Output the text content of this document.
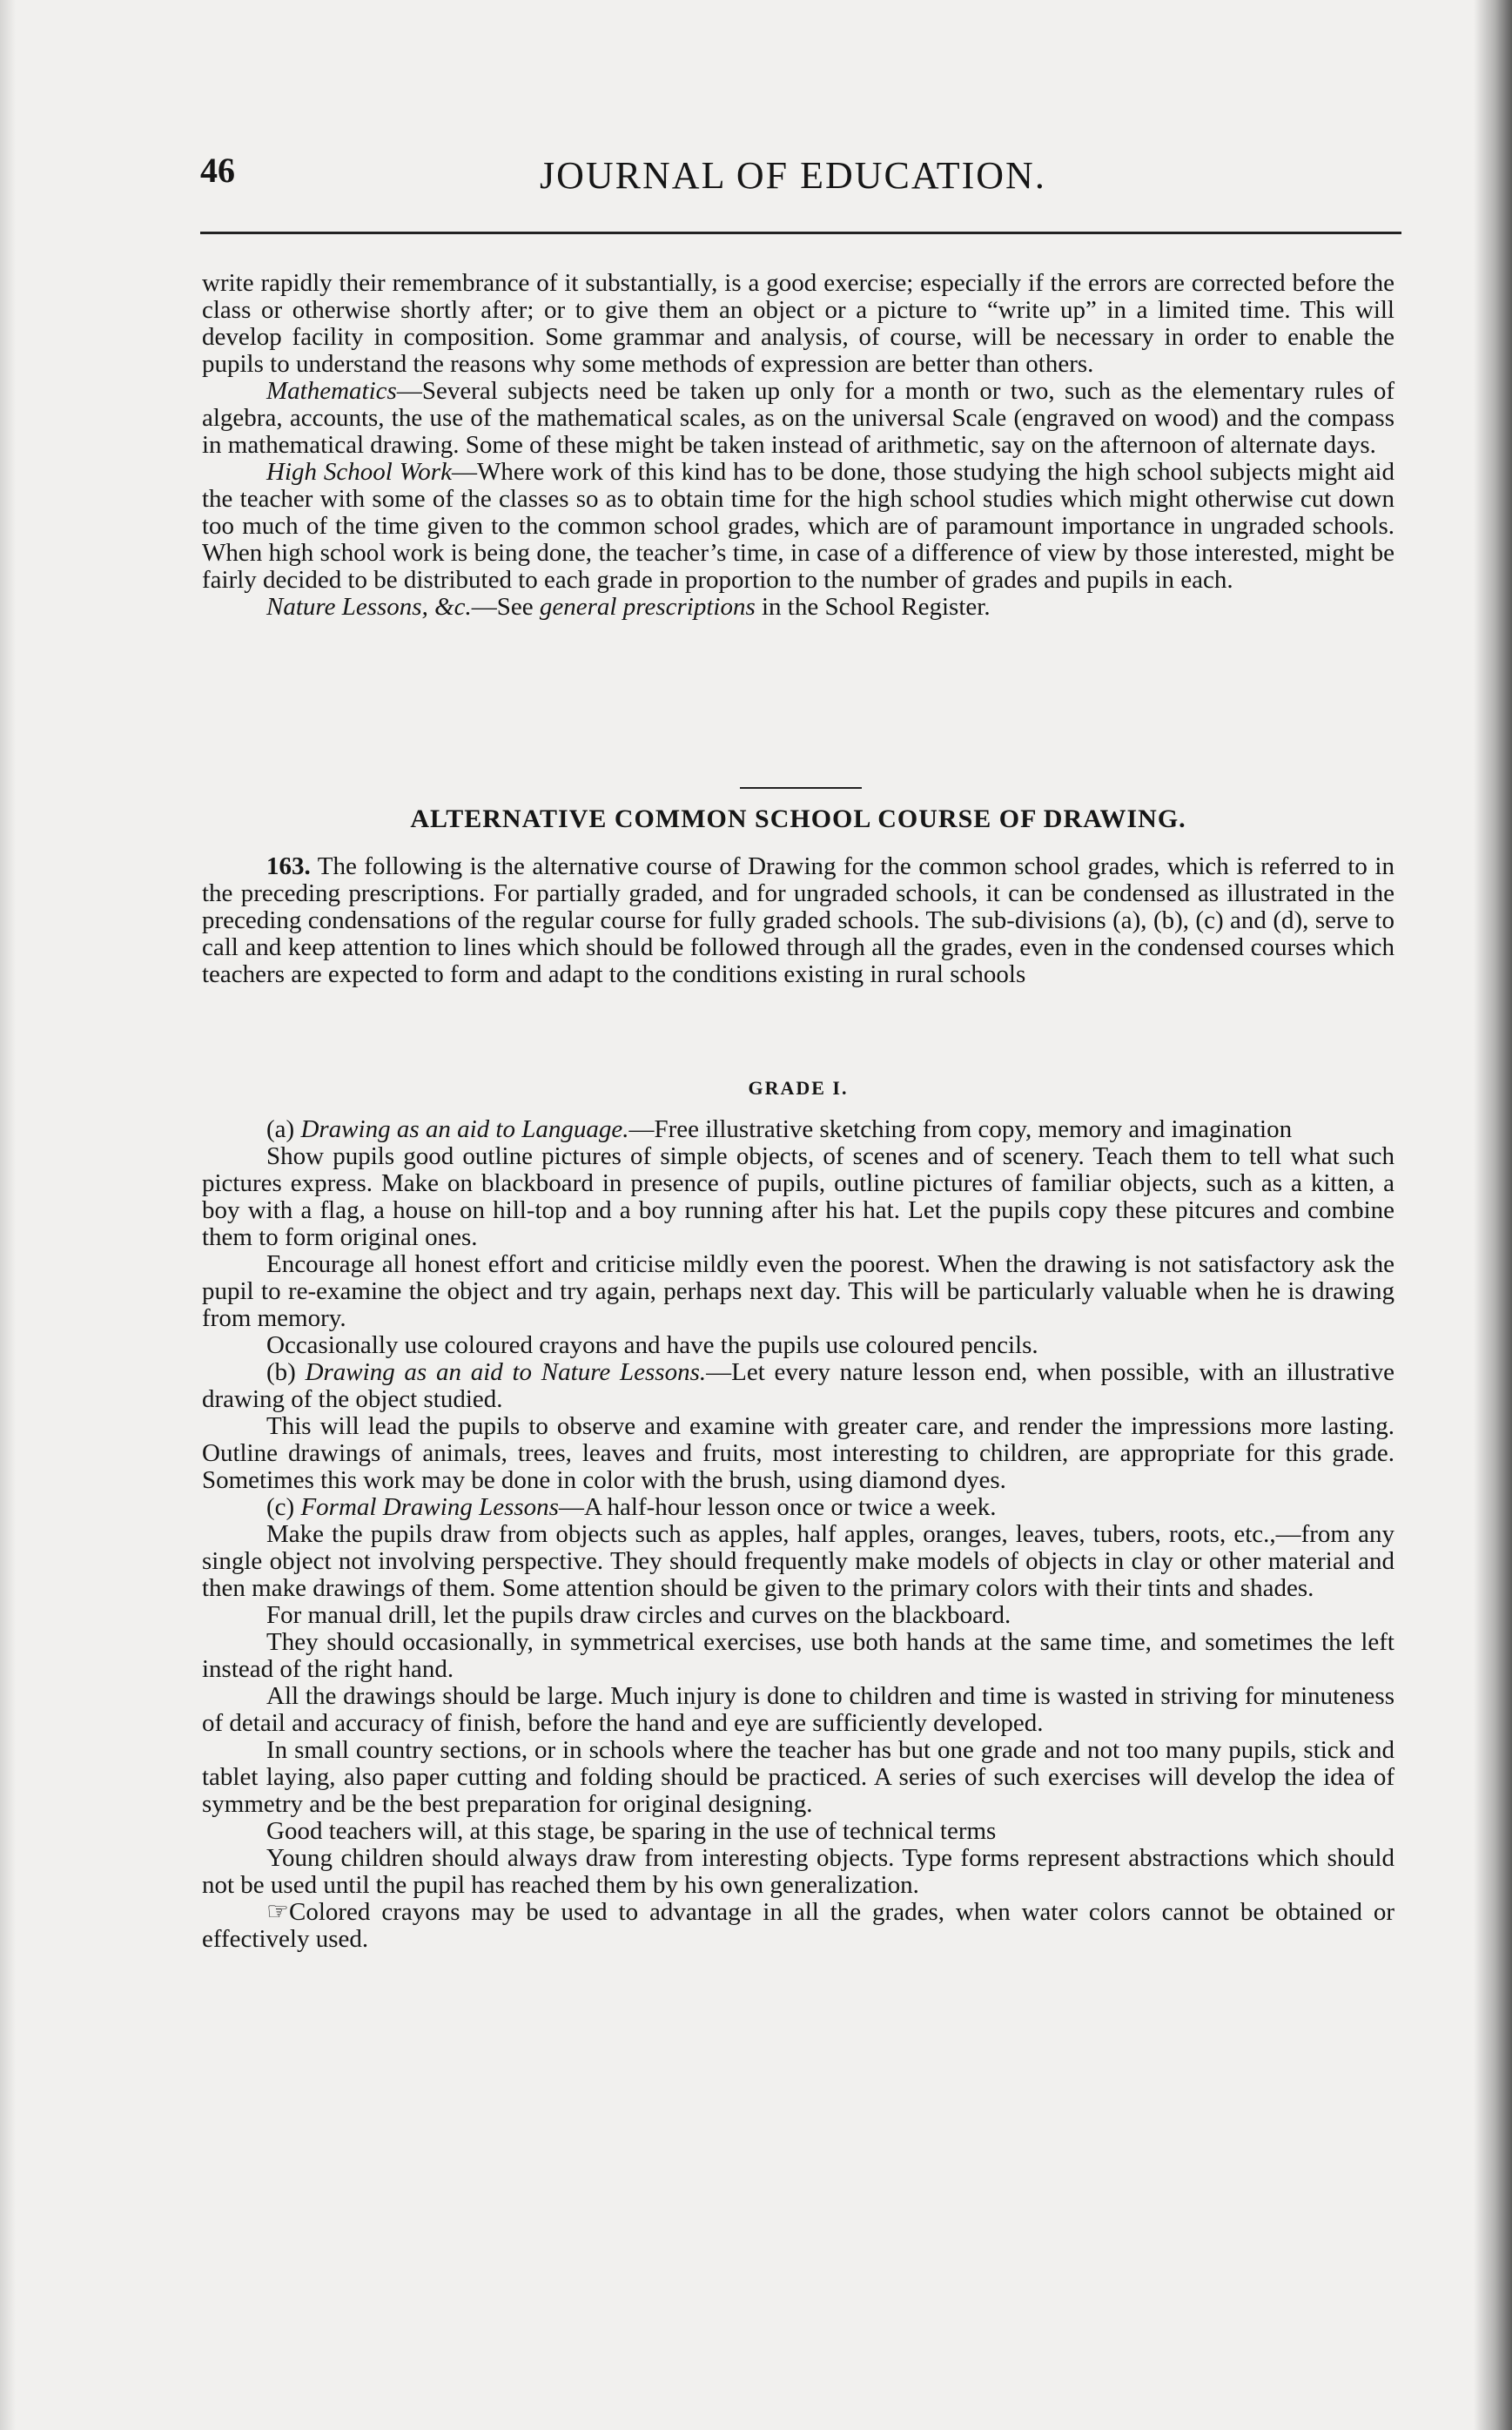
46	JOURNAL OF EDUCATION.

write rapidly their remembrance of it substantially, is a good exercise; especially if the errors are corrected before the class or otherwise shortly after; or to give them an object or a picture to “write up” in a limited time. This will develop facility in composition. Some grammar and analysis, of course, will be necessary in order to enable the pupils to understand the reasons why some methods of expression are better than others.

Mathematics—Several subjects need be taken up only for a month or two, such as the elementary rules of algebra, accounts, the use of the mathematical scales, as on the universal Scale (engraved on wood) and the compass in mathematical drawing. Some of these might be taken instead of arithmetic, say on the afternoon of alternate days.

High School Work—Where work of this kind has to be done, those studying the high school subjects might aid the teacher with some of the classes so as to obtain time for the high school studies which might otherwise cut down too much of the time given to the common school grades, which are of paramount importance in ungraded schools. When high school work is being done, the teacher’s time, in case of a difference of view by those interested, might be fairly decided to be distributed to each grade in proportion to the number of grades and pupils in each.

Nature Lessons, &c.—See general prescriptions in the School Register.

ALTERNATIVE COMMON SCHOOL COURSE OF DRAWING.

163. The following is the alternative course of Drawing for the common school grades, which is referred to in the preceding prescriptions. For partially graded, and for ungraded schools, it can be condensed as illustrated in the preceding condensations of the regular course for fully graded schools. The sub-divisions (a), (b), (c) and (d), serve to call and keep attention to lines which should be followed through all the grades, even in the condensed courses which teachers are expected to form and adapt to the conditions existing in rural schools

GRADE I.

(a) Drawing as an aid to Language.—Free illustrative sketching from copy, memory and imagination

Show pupils good outline pictures of simple objects, of scenes and of scenery. Teach them to tell what such pictures express. Make on blackboard in presence of pupils, outline pictures of familiar objects, such as a kitten, a boy with a flag, a house on hill-top and a boy running after his hat. Let the pupils copy these pitcures and combine them to form original ones.

Encourage all honest effort and criticise mildly even the poorest. When the drawing is not satisfactory ask the pupil to re-examine the object and try again, perhaps next day. This will be particularly valuable when he is drawing from memory.

Occasionally use coloured crayons and have the pupils use coloured pencils.

(b) Drawing as an aid to Nature Lessons.—Let every nature lesson end, when possible, with an illustrative drawing of the object studied.

This will lead the pupils to observe and examine with greater care, and render the impressions more lasting. Outline drawings of animals, trees, leaves and fruits, most interesting to children, are appropriate for this grade. Sometimes this work may be done in color with the brush, using diamond dyes.

(c) Formal Drawing Lessons—A half-hour lesson once or twice a week.

Make the pupils draw from objects such as apples, half apples, oranges, leaves, tubers, roots, etc.,—from any single object not involving perspective. They should frequently make models of objects in clay or other material and then make drawings of them. Some attention should be given to the primary colors with their tints and shades.

For manual drill, let the pupils draw circles and curves on the blackboard.

They should occasionally, in symmetrical exercises, use both hands at the same time, and sometimes the left instead of the right hand.

All the drawings should be large. Much injury is done to children and time is wasted in striving for minuteness of detail and accuracy of finish, before the hand and eye are sufficiently developed.

In small country sections, or in schools where the teacher has but one grade and not too many pupils, stick and tablet laying, also paper cutting and folding should be practiced. A series of such exercises will develop the idea of symmetry and be the best preparation for original designing.

Good teachers will, at this stage, be sparing in the use of technical terms

Young children should always draw from interesting objects. Type forms represent abstractions which should not be used until the pupil has reached them by his own generalization.

☞Colored crayons may be used to advantage in all the grades, when water colors cannot be obtained or effectively used.
